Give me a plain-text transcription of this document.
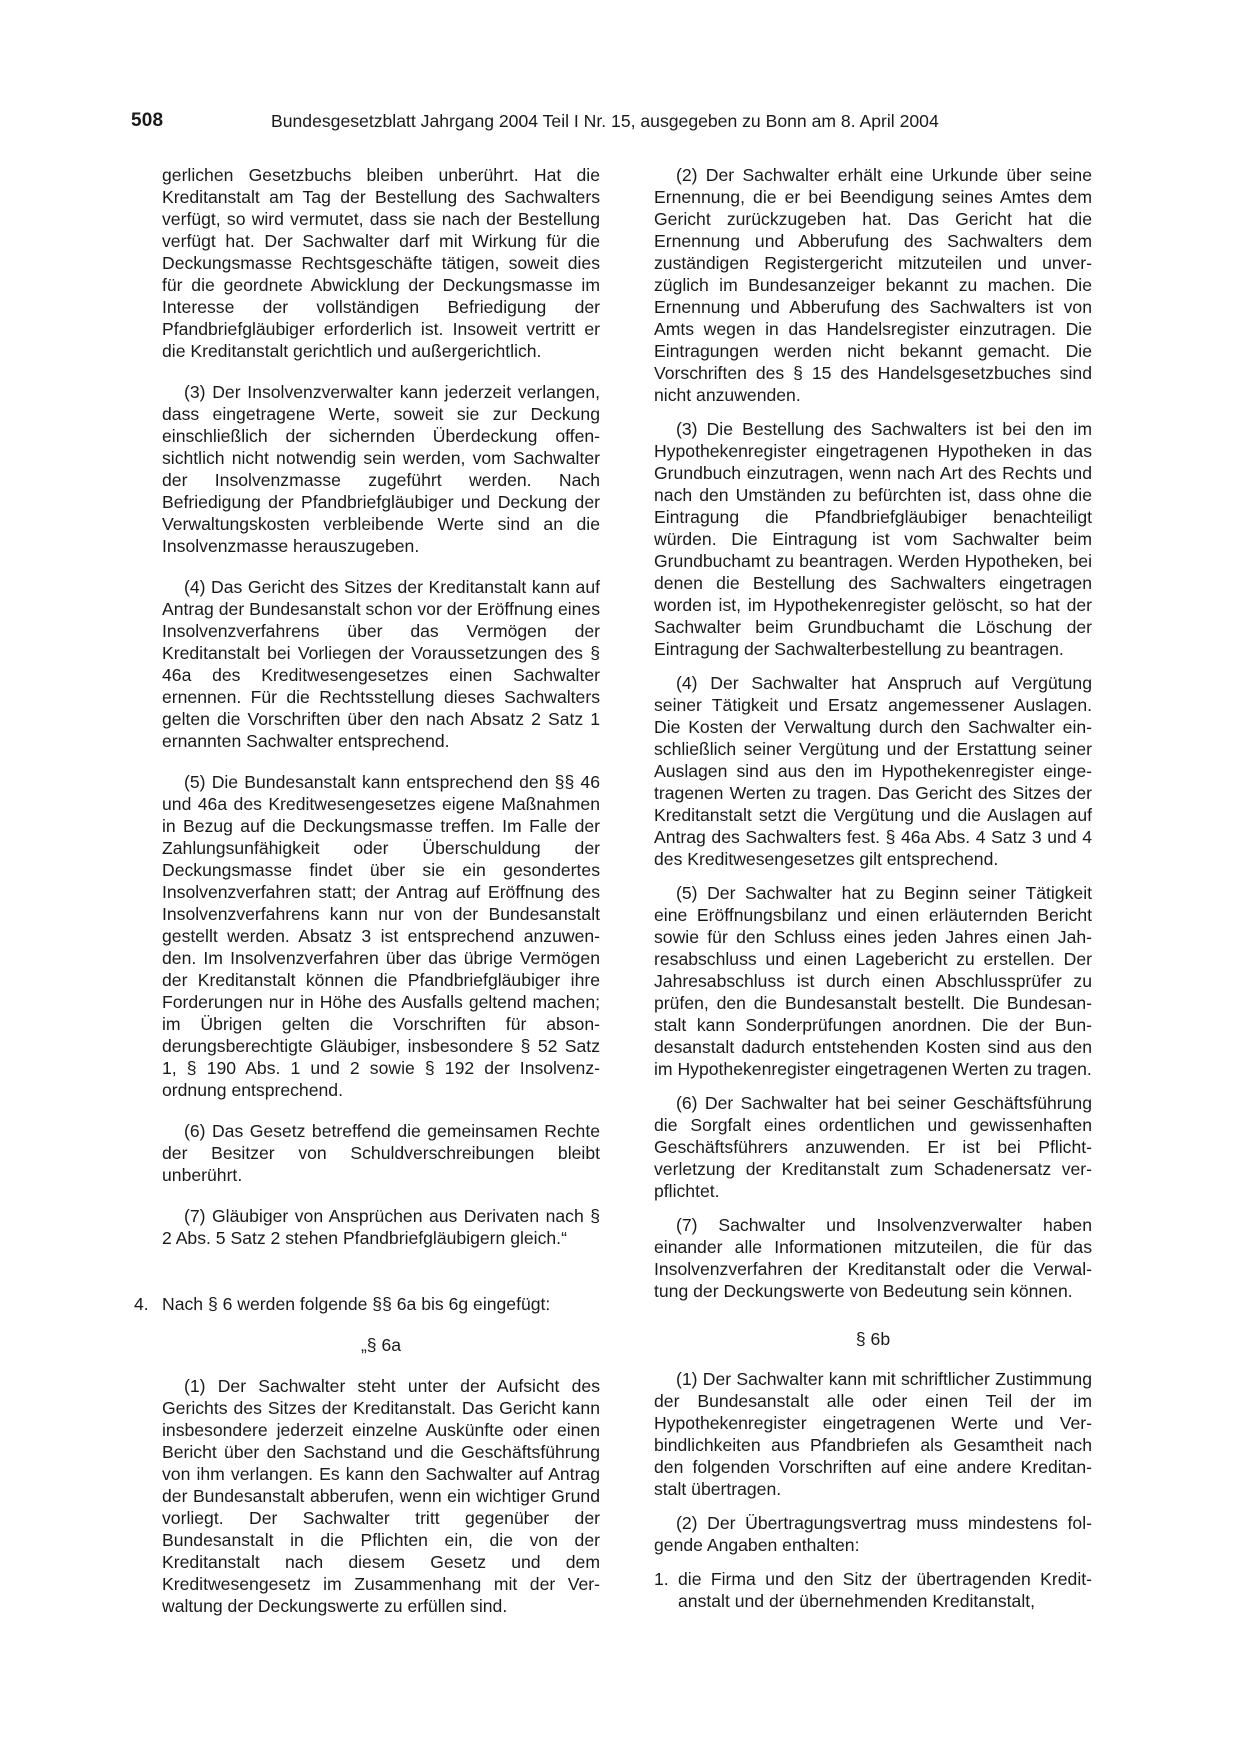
508	Bundesgesetzblatt Jahrgang 2004 Teil I Nr. 15, ausgegeben zu Bonn am 8. April 2004

gerlichen Gesetzbuchs bleiben unberührt. Hat die Kreditanstalt am Tag der Bestellung des Sachwalters verfügt, so wird vermutet, dass sie nach der Bestellung verfügt hat. Der Sachwalter darf mit Wirkung für die Deckungsmasse Rechtsgeschäfte tätigen, soweit dies für die geordnete Abwicklung der Deckungsmasse im Interesse der vollständigen Befriedigung der Pfandbriefgläubiger erforderlich ist. Insoweit vertritt er die Kreditanstalt gerichtlich und außergerichtlich.

(3) Der Insolvenzverwalter kann jederzeit verlangen, dass eingetragene Werte, soweit sie zur Deckung einschließlich der sichernden Überdeckung offensichtlich nicht notwendig sein werden, vom Sachwalter der Insolvenzmasse zugeführt werden. Nach Befriedigung der Pfandbriefgläubiger und Deckung der Verwaltungskosten verbleibende Werte sind an die Insolvenzmasse herauszugeben.

(4) Das Gericht des Sitzes der Kreditanstalt kann auf Antrag der Bundesanstalt schon vor der Eröffnung eines Insolvenzverfahrens über das Vermögen der Kreditanstalt bei Vorliegen der Voraussetzungen des § 46a des Kreditwesengesetzes einen Sachwalter ernennen. Für die Rechtsstellung dieses Sachwalters gelten die Vorschriften über den nach Absatz 2 Satz 1 ernannten Sachwalter entsprechend.

(5) Die Bundesanstalt kann entsprechend den §§ 46 und 46a des Kreditwesengesetzes eigene Maßnahmen in Bezug auf die Deckungsmasse treffen. Im Falle der Zahlungsunfähigkeit oder Überschuldung der Deckungsmasse findet über sie ein gesondertes Insolvenzverfahren statt; der Antrag auf Eröffnung des Insolvenzverfahrens kann nur von der Bundesanstalt gestellt werden. Absatz 3 ist entsprechend anzuwenden. Im Insolvenzverfahren über das übrige Vermögen der Kreditanstalt können die Pfandbriefgläubiger ihre Forderungen nur in Höhe des Ausfalls geltend machen; im Übrigen gelten die Vorschriften für absonderungsberechtigte Gläubiger, insbesondere § 52 Satz 1, § 190 Abs. 1 und 2 sowie § 192 der Insolvenzordnung entsprechend.

(6) Das Gesetz betreffend die gemeinsamen Rechte der Besitzer von Schuldverschreibungen bleibt unberührt.

(7) Gläubiger von Ansprüchen aus Derivaten nach § 2 Abs. 5 Satz 2 stehen Pfandbriefgläubigern gleich.“

4. Nach § 6 werden folgende §§ 6a bis 6g eingefügt:

„§ 6a

(1) Der Sachwalter steht unter der Aufsicht des Gerichts des Sitzes der Kreditanstalt. Das Gericht kann insbesondere jederzeit einzelne Auskünfte oder einen Bericht über den Sachstand und die Geschäftsführung von ihm verlangen. Es kann den Sachwalter auf Antrag der Bundesanstalt abberufen, wenn ein wichtiger Grund vorliegt. Der Sachwalter tritt gegenüber der Bundesanstalt in die Pflichten ein, die von der Kreditanstalt nach diesem Gesetz und dem Kreditwesengesetz im Zusammenhang mit der Verwaltung der Deckungswerte zu erfüllen sind.

(2) Der Sachwalter erhält eine Urkunde über seine Ernennung, die er bei Beendigung seines Amtes dem Gericht zurückzugeben hat. Das Gericht hat die Ernennung und Abberufung des Sachwalters dem zuständigen Registergericht mitzuteilen und unverzüglich im Bundesanzeiger bekannt zu machen. Die Ernennung und Abberufung des Sachwalters ist von Amts wegen in das Handelsregister einzutragen. Die Eintragungen werden nicht bekannt gemacht. Die Vorschriften des § 15 des Handelsgesetzbuches sind nicht anzuwenden.

(3) Die Bestellung des Sachwalters ist bei den im Hypothekenregister eingetragenen Hypotheken in das Grundbuch einzutragen, wenn nach Art des Rechts und nach den Umständen zu befürchten ist, dass ohne die Eintragung die Pfandbriefgläubiger benachteiligt würden. Die Eintragung ist vom Sachwalter beim Grundbuchamt zu beantragen. Werden Hypotheken, bei denen die Bestellung des Sachwalters eingetragen worden ist, im Hypothekenregister gelöscht, so hat der Sachwalter beim Grundbuchamt die Löschung der Eintragung der Sachwalterbestellung zu beantragen.

(4) Der Sachwalter hat Anspruch auf Vergütung seiner Tätigkeit und Ersatz angemessener Auslagen. Die Kosten der Verwaltung durch den Sachwalter einschließlich seiner Vergütung und der Erstattung seiner Auslagen sind aus den im Hypothekenregister eingetragenen Werten zu tragen. Das Gericht des Sitzes der Kreditanstalt setzt die Vergütung und die Auslagen auf Antrag des Sachwalters fest. § 46a Abs. 4 Satz 3 und 4 des Kreditwesengesetzes gilt entsprechend.

(5) Der Sachwalter hat zu Beginn seiner Tätigkeit eine Eröffnungsbilanz und einen erläuternden Bericht sowie für den Schluss eines jeden Jahres einen Jahresabschluss und einen Lagebericht zu erstellen. Der Jahresabschluss ist durch einen Abschlussprüfer zu prüfen, den die Bundesanstalt bestellt. Die Bundesanstalt kann Sonderprüfungen anordnen. Die der Bundesanstalt dadurch entstehenden Kosten sind aus den im Hypothekenregister eingetragenen Werten zu tragen.

(6) Der Sachwalter hat bei seiner Geschäftsführung die Sorgfalt eines ordentlichen und gewissenhaften Geschäftsführers anzuwenden. Er ist bei Pflichtverletzung der Kreditanstalt zum Schadenersatz verpflichtet.

(7) Sachwalter und Insolvenzverwalter haben einander alle Informationen mitzuteilen, die für das Insolvenzverfahren der Kreditanstalt oder die Verwaltung der Deckungswerte von Bedeutung sein können.

§ 6b

(1) Der Sachwalter kann mit schriftlicher Zustimmung der Bundesanstalt alle oder einen Teil der im Hypothekenregister eingetragenen Werte und Verbindlichkeiten aus Pfandbriefen als Gesamtheit nach den folgenden Vorschriften auf eine andere Kreditanstalt übertragen.

(2) Der Übertragungsvertrag muss mindestens folgende Angaben enthalten:

1. die Firma und den Sitz der übertragenden Kreditanstalt und der übernehmenden Kreditanstalt,
